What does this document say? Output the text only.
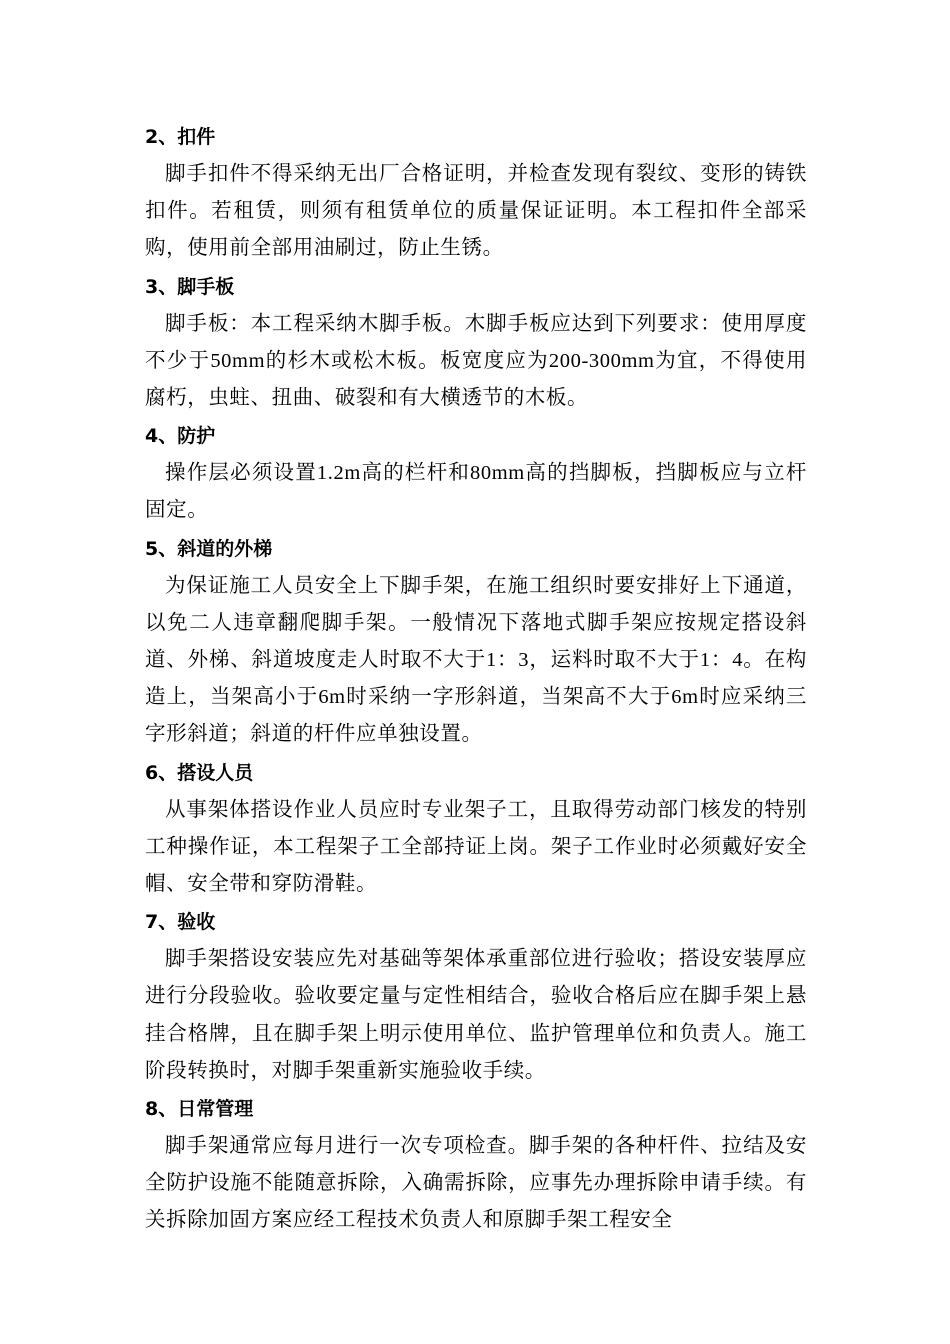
2、扣件

脚手扣件不得采纳无出厂合格证明，并检查发现有裂纹、变形的铸铁扣件。若租赁，则须有租赁单位的质量保证证明。本工程扣件全部采购，使用前全部用油刷过，防止生锈。

3、脚手板

脚手板：本工程采纳木脚手板。木脚手板应达到下列要求：使用厚度不少于50mm的杉木或松木板。板宽度应为200-300mm为宜，不得使用腐朽，虫蛀、扭曲、破裂和有大横透节的木板。

4、防护

操作层必须设置1.2m高的栏杆和80mm高的挡脚板，挡脚板应与立杆固定。

5、斜道的外梯

为保证施工人员安全上下脚手架，在施工组织时要安排好上下通道，以免二人违章翻爬脚手架。一般情况下落地式脚手架应按规定搭设斜道、外梯、斜道坡度走人时取不大于1：3，运料时取不大于1：4。在构造上，当架高小于6m时采纳一字形斜道，当架高不大于6m时应采纳三字形斜道；斜道的杆件应单独设置。

6、搭设人员

从事架体搭设作业人员应时专业架子工，且取得劳动部门核发的特别工种操作证，本工程架子工全部持证上岗。架子工作业时必须戴好安全帽、安全带和穿防滑鞋。

7、验收

脚手架搭设安装应先对基础等架体承重部位进行验收；搭设安装厚应进行分段验收。验收要定量与定性相结合，验收合格后应在脚手架上悬挂合格牌，且在脚手架上明示使用单位、监护管理单位和负责人。施工阶段转换时，对脚手架重新实施验收手续。

8、日常管理

脚手架通常应每月进行一次专项检查。脚手架的各种杆件、拉结及安全防护设施不能随意拆除，入确需拆除，应事先办理拆除申请手续。有关拆除加固方案应经工程技术负责人和原脚手架工程安全
